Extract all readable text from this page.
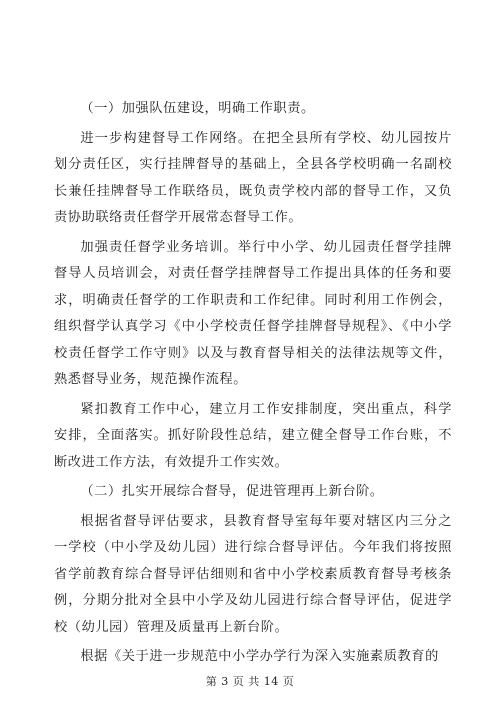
（一）加强队伍建设，明确工作职责。

进一步构建督导工作网络。在把全县所有学校、幼儿园按片划分责任区，实行挂牌督导的基础上，全县各学校明确一名副校长兼任挂牌督导工作联络员，既负责学校内部的督导工作，又负责协助联络责任督学开展常态督导工作。

加强责任督学业务培训。举行中小学、幼儿园责任督学挂牌督导人员培训会，对责任督学挂牌督导工作提出具体的任务和要求，明确责任督学的工作职责和工作纪律。同时利用工作例会，组织督学认真学习《中小学校责任督学挂牌督导规程》、《中小学校责任督学工作守则》以及与教育督导相关的法律法规等文件，熟悉督导业务，规范操作流程。

紧扣教育工作中心，建立月工作安排制度，突出重点，科学安排，全面落实。抓好阶段性总结，建立健全督导工作台账，不断改进工作方法，有效提升工作实效。

（二）扎实开展综合督导，促进管理再上新台阶。

根据省督导评估要求，县教育督导室每年要对辖区内三分之一学校（中小学及幼儿园）进行综合督导评估。今年我们将按照省学前教育综合督导评估细则和省中小学校素质教育督导考核条例，分期分批对全县中小学及幼儿园进行综合督导评估，促进学校（幼儿园）管理及质量再上新台阶。

根据《关于进一步规范中小学办学行为深入实施素质教育的

第 3 页 共 14 页
